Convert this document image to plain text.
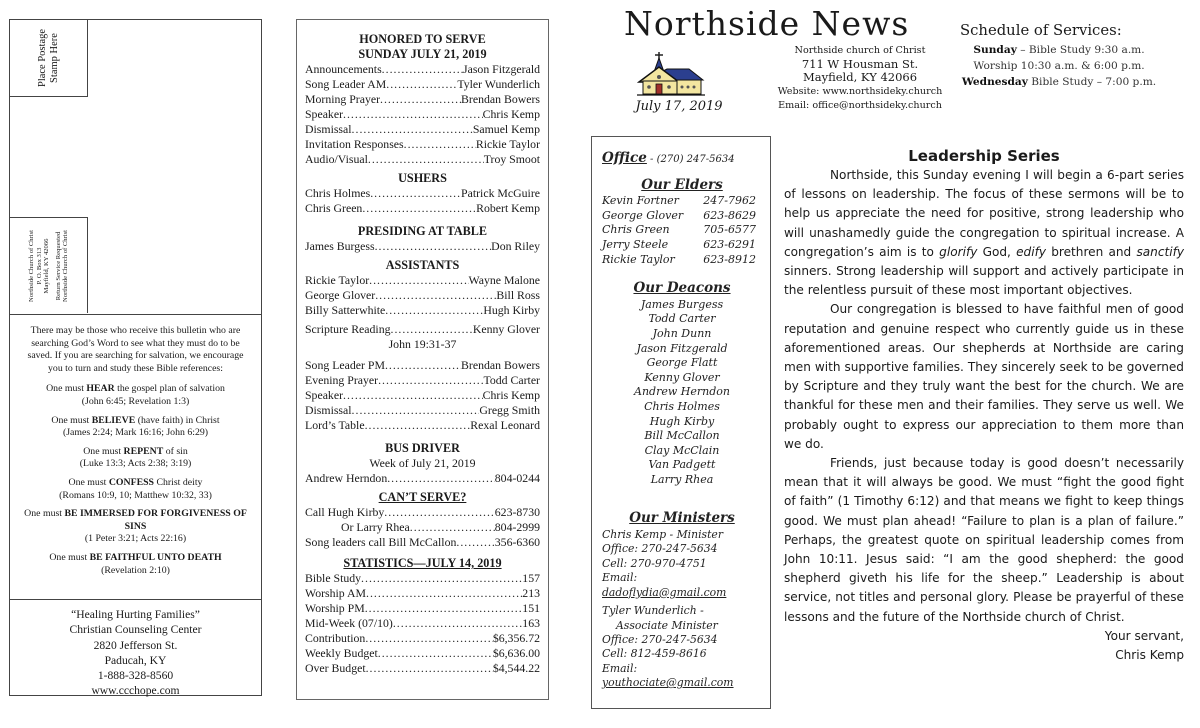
Place Postage Stamp Here
Northside Church of Christ P. O. Box 313 Mayfield, KY 42066 Return Service Requested Northside Church of Christ
There may be those who receive this bulletin who are searching God’s Word to see what they must do to be saved. If you are searching for salvation, we encourage you to turn and study these Bible references:
One must HEAR the gospel plan of salvation
(John 6:45; Revelation 1:3)
One must BELIEVE (have faith) in Christ
(James 2:24; Mark 16:16; John 6:29)
One must REPENT of sin
(Luke 13:3; Acts 2:38; 3:19)
One must CONFESS Christ deity
(Romans 10:9, 10; Matthew 10:32, 33)
One must BE IMMERSED FOR FORGIVENESS OF SINS
(1 Peter 3:21; Acts 22:16)
One must BE FAITHFUL UNTO DEATH
(Revelation 2:10)
“Healing Hurting Families”
Christian Counseling Center
2820 Jefferson St.
Paducah, KY
1-888-328-8560
www.ccchope.com
HONORED TO SERVE
SUNDAY JULY 21, 2019
Announcements .....	Jason Fitzgerald
Song Leader AM .....	Tyler Wunderlich
Morning Prayer .....	Brendan Bowers
Speaker .....	Chris Kemp
Dismissal .....	Samuel Kemp
Invitation Responses .....	Rickie Taylor
Audio/Visual .....	Troy Smoot
USHERS
Chris Holmes .....	Patrick McGuire
Chris Green .....	Robert Kemp
PRESIDING AT TABLE
James Burgess .....	Don Riley
ASSISTANTS
Rickie Taylor .....	Wayne Malone
George Glover .....	Bill Ross
Billy Satterwhite .....	Hugh Kirby
Scripture Reading .....	Kenny Glover
John 19:31-37
Song Leader PM .....	Brendan Bowers
Evening Prayer .....	Todd Carter
Speaker .....	Chris Kemp
Dismissal .....	Gregg Smith
Lord’s Table .....	Rexal Leonard
BUS DRIVER
Week of July 21, 2019
Andrew Herndon .....	804-0244
CAN’T SERVE?
Call Hugh Kirby .....	623-8730
Or Larry Rhea .....	804-2999
Song leaders call Bill McCallon .....	356-6360
STATISTICS—JULY 14, 2019
Bible Study .....	157
Worship AM .....	213
Worship PM .....	151
Mid-Week (07/10) .....	163
Contribution .....	$6,356.72
Weekly Budget .....	$6,636.00
Over Budget .....	$4,544.22
Northside News
July 17, 2019
Northside church of Christ
711 W Housman St.
Mayfield, KY 42066
Website: www.northsideky.church
Email: office@northsideky.church
Schedule of Services:
Sunday – Bible Study 9:30 a.m.
Worship 10:30 a.m. & 6:00 p.m.
Wednesday Bible Study – 7:00 p.m.
Office - (270) 247-5634
Our Elders
Kevin Fortner 247-7962
George Glover 623-8629
Chris Green	705-6577
Jerry Steele	623-6291
Rickie Taylor	623-8912
Our Deacons
James Burgess
Todd Carter
John Dunn
Jason Fitzgerald
George Flatt
Kenny Glover
Andrew Herndon
Chris Holmes
Hugh Kirby
Bill McCallon
Clay McClain
Van Padgett
Larry Rhea
Our Ministers
Chris Kemp - Minister
Office: 270-247-5634
Cell: 270-970-4751
Email: dadoflydia@gmail.com
Tyler Wunderlich -
Associate Minister
Office: 270-247-5634
Cell: 812-459-8616
Email: youthociate@gmail.com
Leadership Series

Northside, this Sunday evening I will begin a 6-part series of lessons on leadership. The focus of these sermons will be to help us appreciate the need for positive, strong leadership who will unashamedly guide the congregation to spiritual increase. A congregation’s aim is to glorify God, edify brethren and sanctify sinners. Strong leadership will support and actively participate in the relentless pursuit of these most important objectives.

Our congregation is blessed to have faithful men of good reputation and genuine respect who currently guide us in these aforementioned areas. Our shepherds at Northside are caring men with supportive families. They sincerely seek to be governed by Scripture and they truly want the best for the church. We are thankful for these men and their families. They serve us well. We probably ought to express our appreciation to them more than we do.

Friends, just because today is good doesn’t necessarily mean that it will always be good. We must “fight the good fight of faith” (1 Timothy 6:12) and that means we fight to keep things good. We must plan ahead! “Failure to plan is a plan of failure.” Perhaps, the greatest quote on spiritual leadership comes from John 10:11. Jesus said: “I am the good shepherd: the good shepherd giveth his life for the sheep.” Leadership is about service, not titles and personal glory. Please be prayerful of these lessons and the future of the Northside church of Christ.

Your servant,
Chris Kemp
